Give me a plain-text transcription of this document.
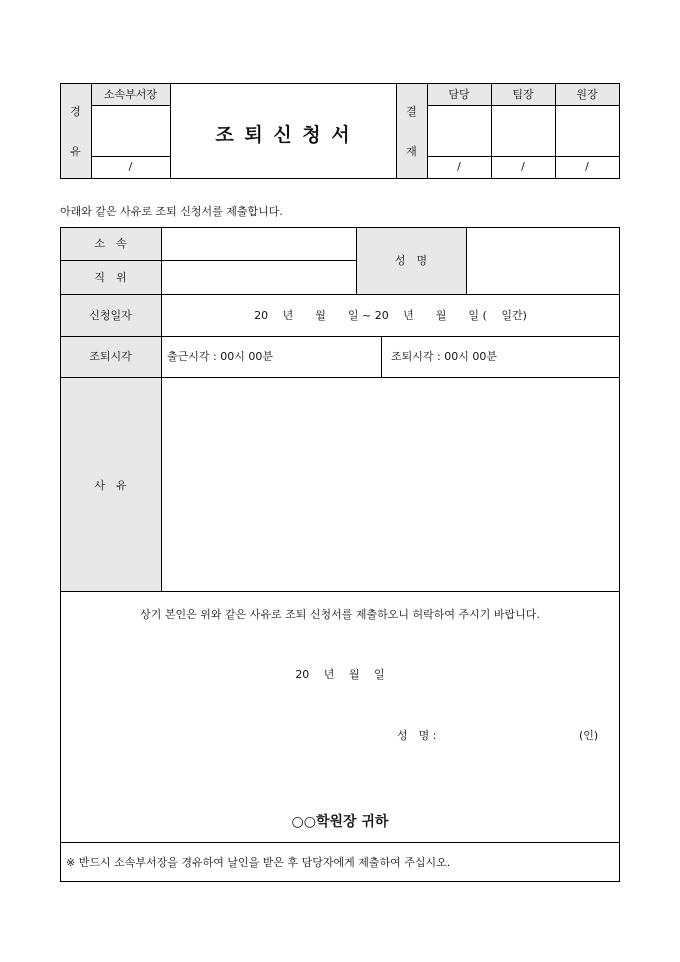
경
유
소속부서장
/
조 퇴 신 청 서
결
재
담당	팀장	원장
/	/	/
아래와 같은 사유로 조퇴 신청서를 제출합니다.
소　속
직　위
성　명
신청일자	20　 년　　월　　일 ~ 20　 년　　월　　일 (　 일간)
조퇴시각	출근시각 : 00시 00분	조퇴시각 : 00시 00분
사　유
상기 본인은 위와 같은 사유로 조퇴 신청서를 제출하오니 허락하여 주시기 바랍니다.
20　 년　 월　 일
성　명 :	(인)
○○학원장 귀하
※ 반드시 소속부서장을 경유하여 날인을 받은 후 담당자에게 제출하여 주십시오.
